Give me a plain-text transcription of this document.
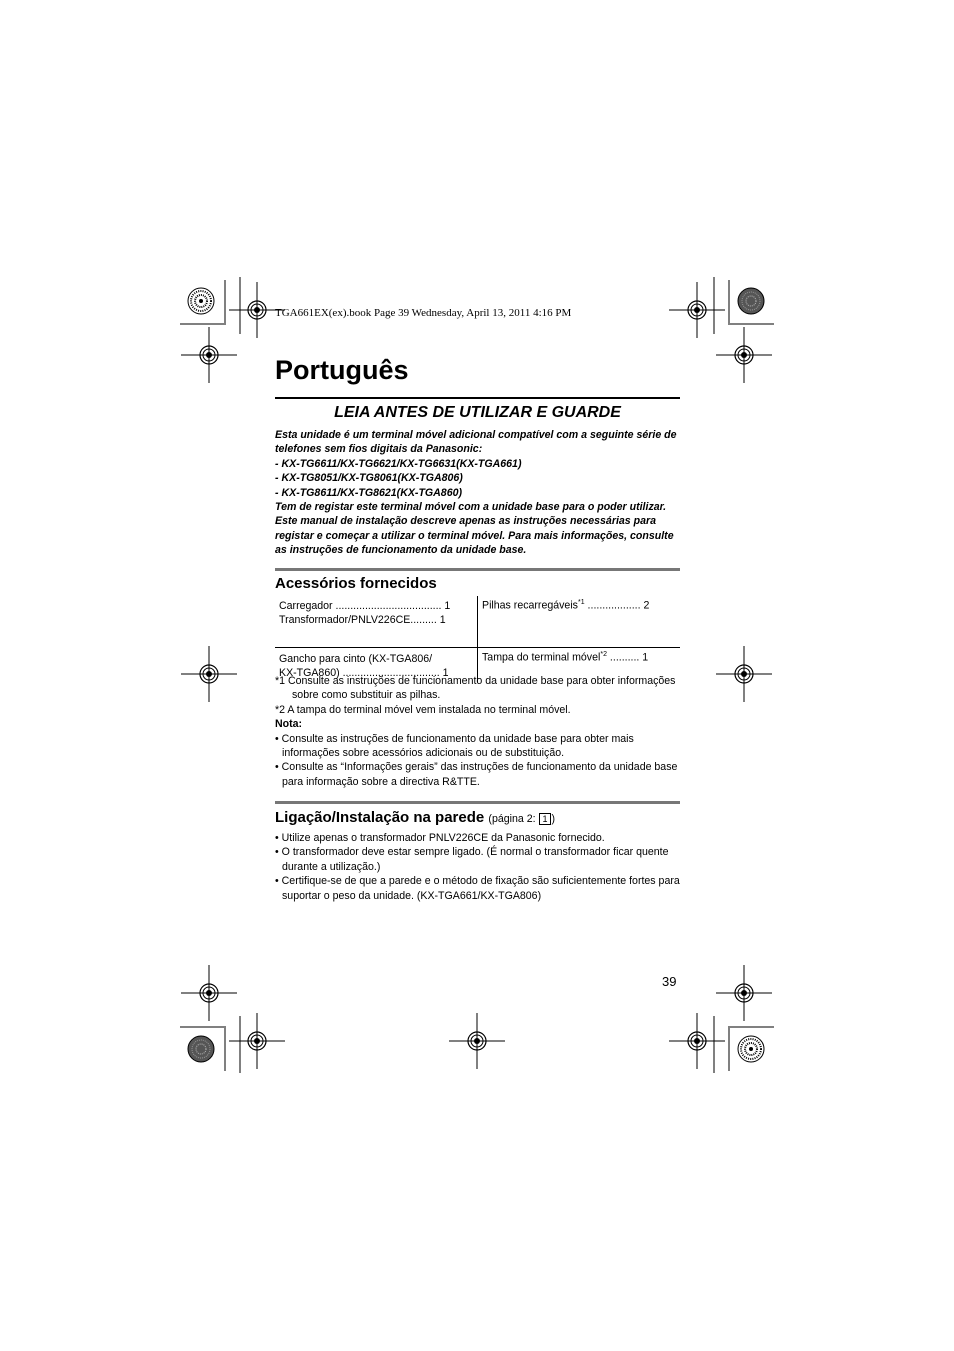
TGA661EX(ex).book Page 39 Wednesday, April 13, 2011 4:16 PM
Português
LEIA ANTES DE UTILIZAR E GUARDE

Esta unidade é um terminal móvel adicional compatível com a seguinte série de telefones sem fios digitais da Panasonic:

- KX-TG6611/KX-TG6621/KX-TG6631(KX-TGA661)

- KX-TG8051/KX-TG8061(KX-TGA806)

- KX-TG8611/KX-TG8621(KX-TGA860)

Tem de registar este terminal móvel com a unidade base para o poder utilizar. Este manual de instalação descreve apenas as instruções necessárias para registar e começar a utilizar o terminal móvel. Para mais informações, consulte as instruções de funcionamento da unidade base.

Acessórios fornecidos
Carregador .................................... 1
Transformador/PNLV226CE......... 1	Pilhas recarregáveis$^{*1}$ .................. 2

Gancho para cinto (KX-TGA806/
KX-TGA860) ................................. 1	Tampa do terminal móvel$^{*2}$ .......... 1

*1 Consulte as instruções de funcionamento da unidade base para obter informações sobre como substituir as pilhas.

*2 A tampa do terminal móvel vem instalada no terminal móvel.

Nota:

• Consulte as instruções de funcionamento da unidade base para obter mais informações sobre acessórios adicionais ou de substituição.

• Consulte as “Informações gerais” das instruções de funcionamento da unidade base para informação sobre a directiva R&TTE.

Ligação/Instalação na parede (página 2: 1 )

• Utilize apenas o transformador PNLV226CE da Panasonic fornecido.

• O transformador deve estar sempre ligado. (É normal o transformador ficar quente durante a utilização.)

• Certifique-se de que a parede e o método de fixação são suficientemente fortes para suportar o peso da unidade. (KX-TGA661/KX-TGA806)

39
